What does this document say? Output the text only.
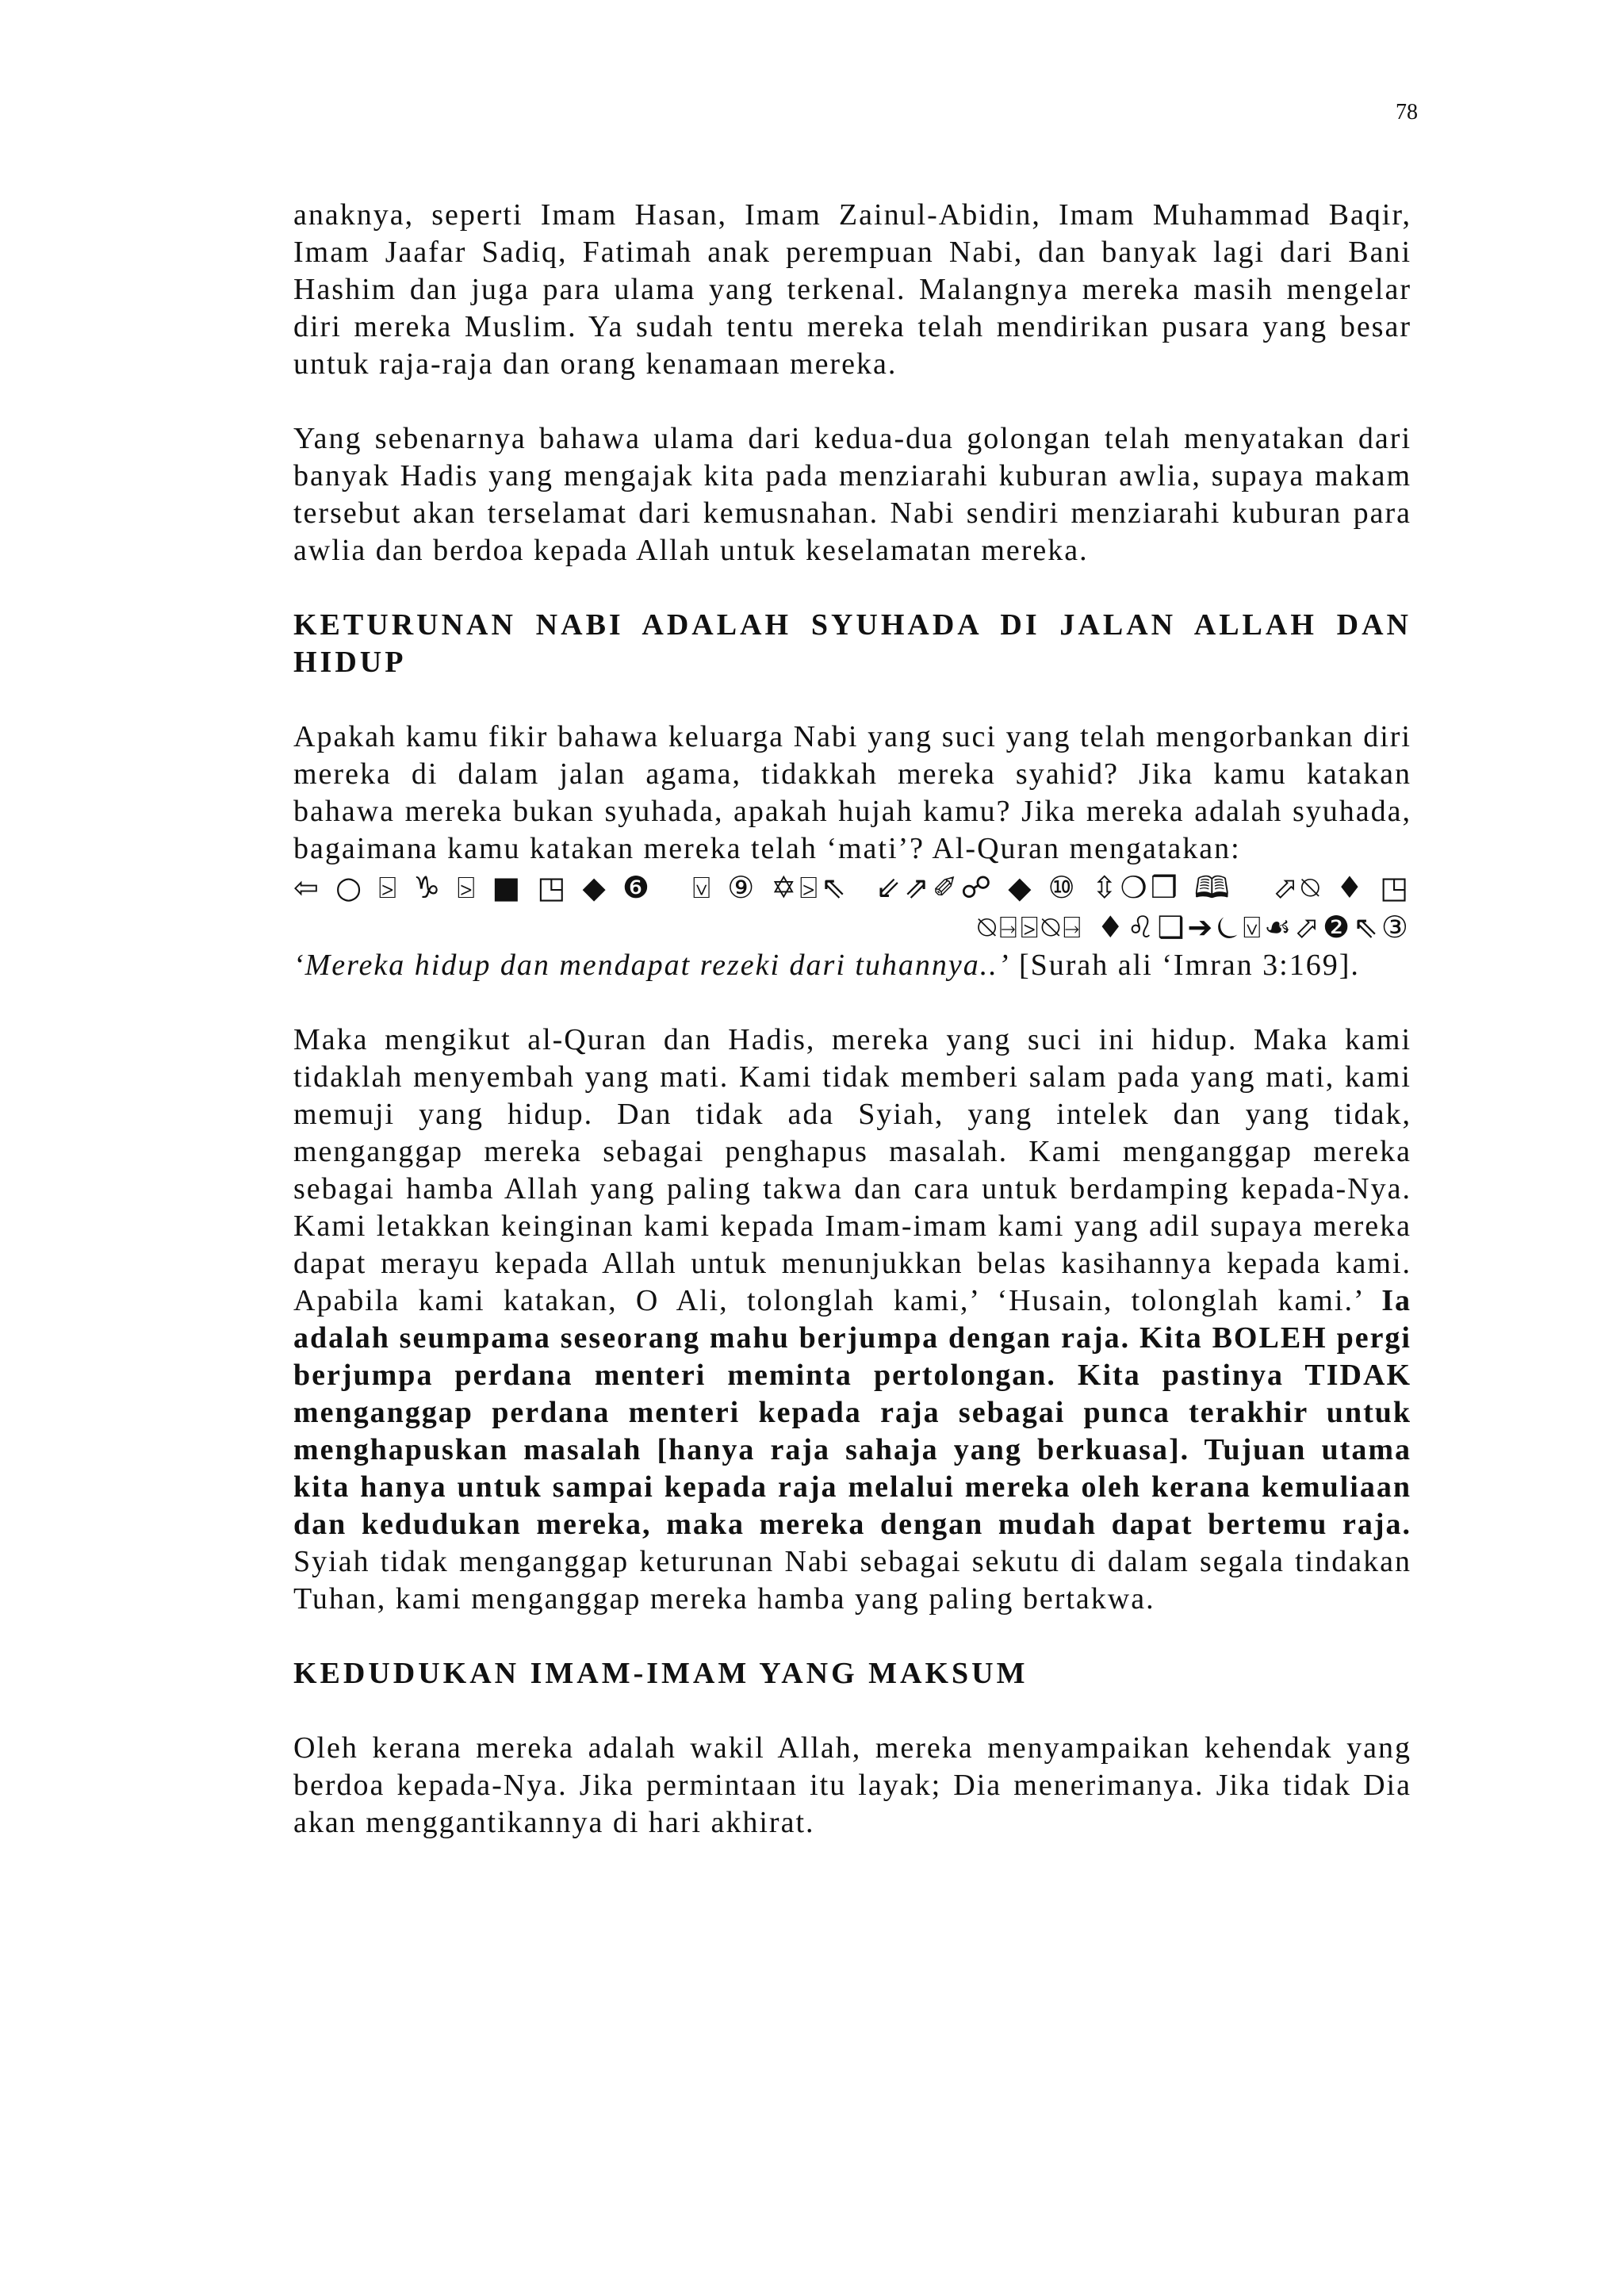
78

anaknya, seperti Imam Hasan, Imam Zainul-Abidin, Imam Muhammad Baqir, Imam Jaafar Sadiq, Fatimah anak perempuan Nabi, dan banyak lagi dari Bani Hashim dan juga para ulama yang terkenal. Malangnya mereka masih mengelar diri mereka Muslim. Ya sudah tentu mereka telah mendirikan pusara yang besar untuk raja-raja dan orang kenamaan mereka.

Yang sebenarnya bahawa ulama dari kedua-dua golongan telah menyatakan dari banyak Hadis yang mengajak kita pada menziarahi kuburan awlia, supaya makam tersebut akan terselamat dari kemusnahan. Nabi sendiri menziarahi kuburan para awlia dan berdoa kepada Allah untuk keselamatan mereka.

KETURUNAN NABI ADALAH SYUHADA DI JALAN ALLAH DAN HIDUP

Apakah kamu fikir bahawa keluarga Nabi yang suci yang telah mengorbankan diri mereka di dalam jalan agama, tidakkah mereka syahid? Jika kamu katakan bahawa mereka bukan syuhada, apakah hujah kamu? Jika mereka adalah syuhada, bagaimana kamu katakan mereka telah ‘mati’? Al-Quran mengatakan:

⇦○⍄♑⍄■◳◆❻ ⍌⑨✡⍄⇖ ⇙⇗✐☍◆⑩⇳❍❒🕮 ⬀⍉♦◳

⍉⍈⍄⍉⍈ ♦♌❑➔⏾⍌☙⬀❷⇖③

‘Mereka hidup dan mendapat rezeki dari tuhannya..’ [Surah ali ‘Imran 3:169].

Maka mengikut al-Quran dan Hadis, mereka yang suci ini hidup. Maka kami tidaklah menyembah yang mati. Kami tidak memberi salam pada yang mati, kami memuji yang hidup. Dan tidak ada Syiah, yang intelek dan yang tidak, menganggap mereka sebagai penghapus masalah. Kami menganggap mereka sebagai hamba Allah yang paling takwa dan cara untuk berdamping kepada-Nya. Kami letakkan keinginan kami kepada Imam-imam kami yang adil supaya mereka dapat merayu kepada Allah untuk menunjukkan belas kasihannya kepada kami. Apabila kami katakan, O Ali, tolonglah kami,’ ‘Husain, tolonglah kami.’ Ia adalah seumpama seseorang mahu berjumpa dengan raja. Kita BOLEH pergi berjumpa perdana menteri meminta pertolongan. Kita pastinya TIDAK menganggap perdana menteri kepada raja sebagai punca terakhir untuk menghapuskan masalah [hanya raja sahaja yang berkuasa]. Tujuan utama kita hanya untuk sampai kepada raja melalui mereka oleh kerana kemuliaan dan kedudukan mereka, maka mereka dengan mudah dapat bertemu raja. Syiah tidak menganggap keturunan Nabi sebagai sekutu di dalam segala tindakan Tuhan, kami menganggap mereka hamba yang paling bertakwa.

KEDUDUKAN IMAM-IMAM YANG MAKSUM

Oleh kerana mereka adalah wakil Allah, mereka menyampaikan kehendak yang berdoa kepada-Nya. Jika permintaan itu layak; Dia menerimanya. Jika tidak Dia akan menggantikannya di hari akhirat.
